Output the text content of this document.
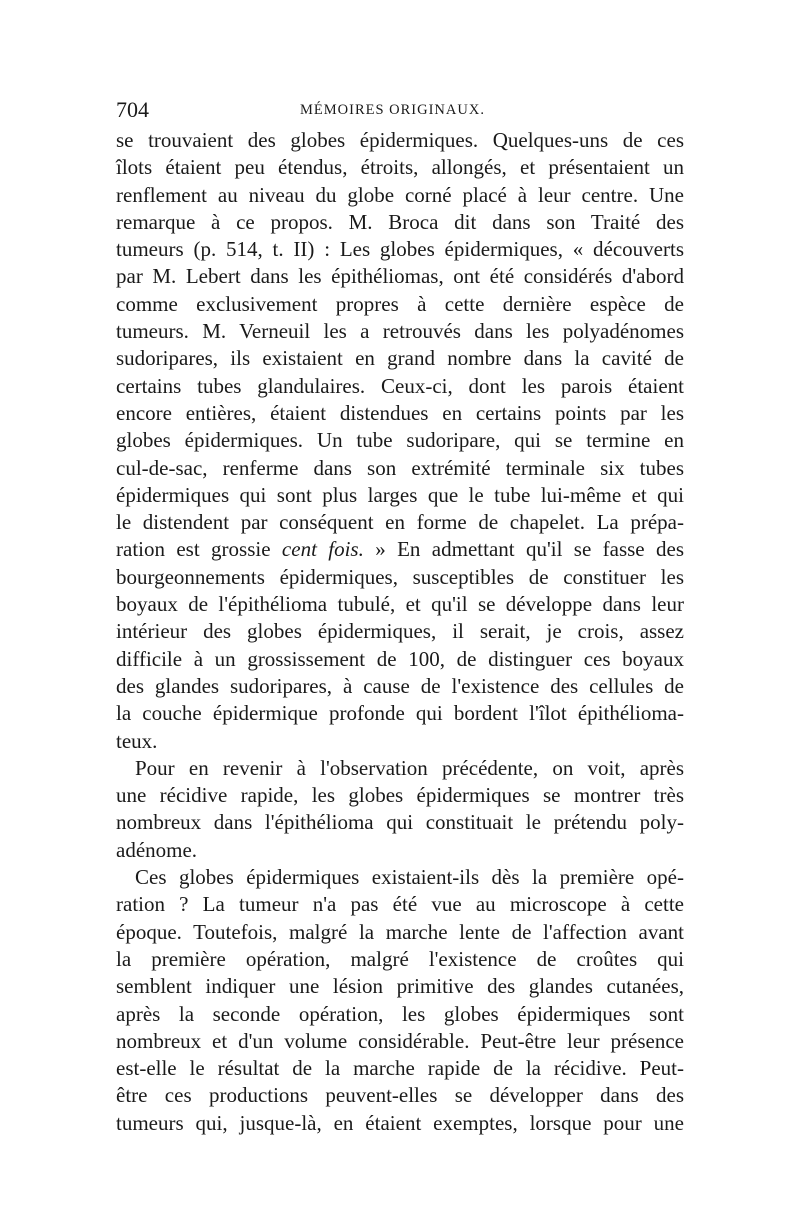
704	MÉMOIRES ORIGINAUX.
se trouvaient des globes épidermiques. Quelques-uns de ces
îlots étaient peu étendus, étroits, allongés, et présentaient un
renflement au niveau du globe corné placé à leur centre. Une
remarque à ce propos. M. Broca dit dans son Traité des
tumeurs (p. 514, t. II) : Les globes épidermiques, « découverts
par M. Lebert dans les épithéliomas, ont été considérés d'abord
comme exclusivement propres à cette dernière espèce de
tumeurs. M. Verneuil les a retrouvés dans les polyadénomes
sudoripares, ils existaient en grand nombre dans la cavité de
certains tubes glandulaires. Ceux-ci, dont les parois étaient
encore entières, étaient distendues en certains points par les
globes épidermiques. Un tube sudoripare, qui se termine en
cul-de-sac, renferme dans son extrémité terminale six tubes
épidermiques qui sont plus larges que le tube lui-même et qui
le distendent par conséquent en forme de chapelet. La prépa-
ration est grossie cent fois. » En admettant qu'il se fasse des
bourgeonnements épidermiques, susceptibles de constituer les
boyaux de l'épithélioma tubulé, et qu'il se développe dans leur
intérieur des globes épidermiques, il serait, je crois, assez
difficile à un grossissement de 100, de distinguer ces boyaux
des glandes sudoripares, à cause de l'existence des cellules de
la couche épidermique profonde qui bordent l'îlot épithélioma-
teux.
Pour en revenir à l'observation précédente, on voit, après
une récidive rapide, les globes épidermiques se montrer très
nombreux dans l'épithélioma qui constituait le prétendu poly-
adénome.
Ces globes épidermiques existaient-ils dès la première opé-
ration ? La tumeur n'a pas été vue au microscope à cette
époque. Toutefois, malgré la marche lente de l'affection avant
la première opération, malgré l'existence de croûtes qui
semblent indiquer une lésion primitive des glandes cutanées,
après la seconde opération, les globes épidermiques sont
nombreux et d'un volume considérable. Peut-être leur présence
est-elle le résultat de la marche rapide de la récidive. Peut-
être ces productions peuvent-elles se développer dans des
tumeurs qui, jusque-là, en étaient exemptes, lorsque pour une
